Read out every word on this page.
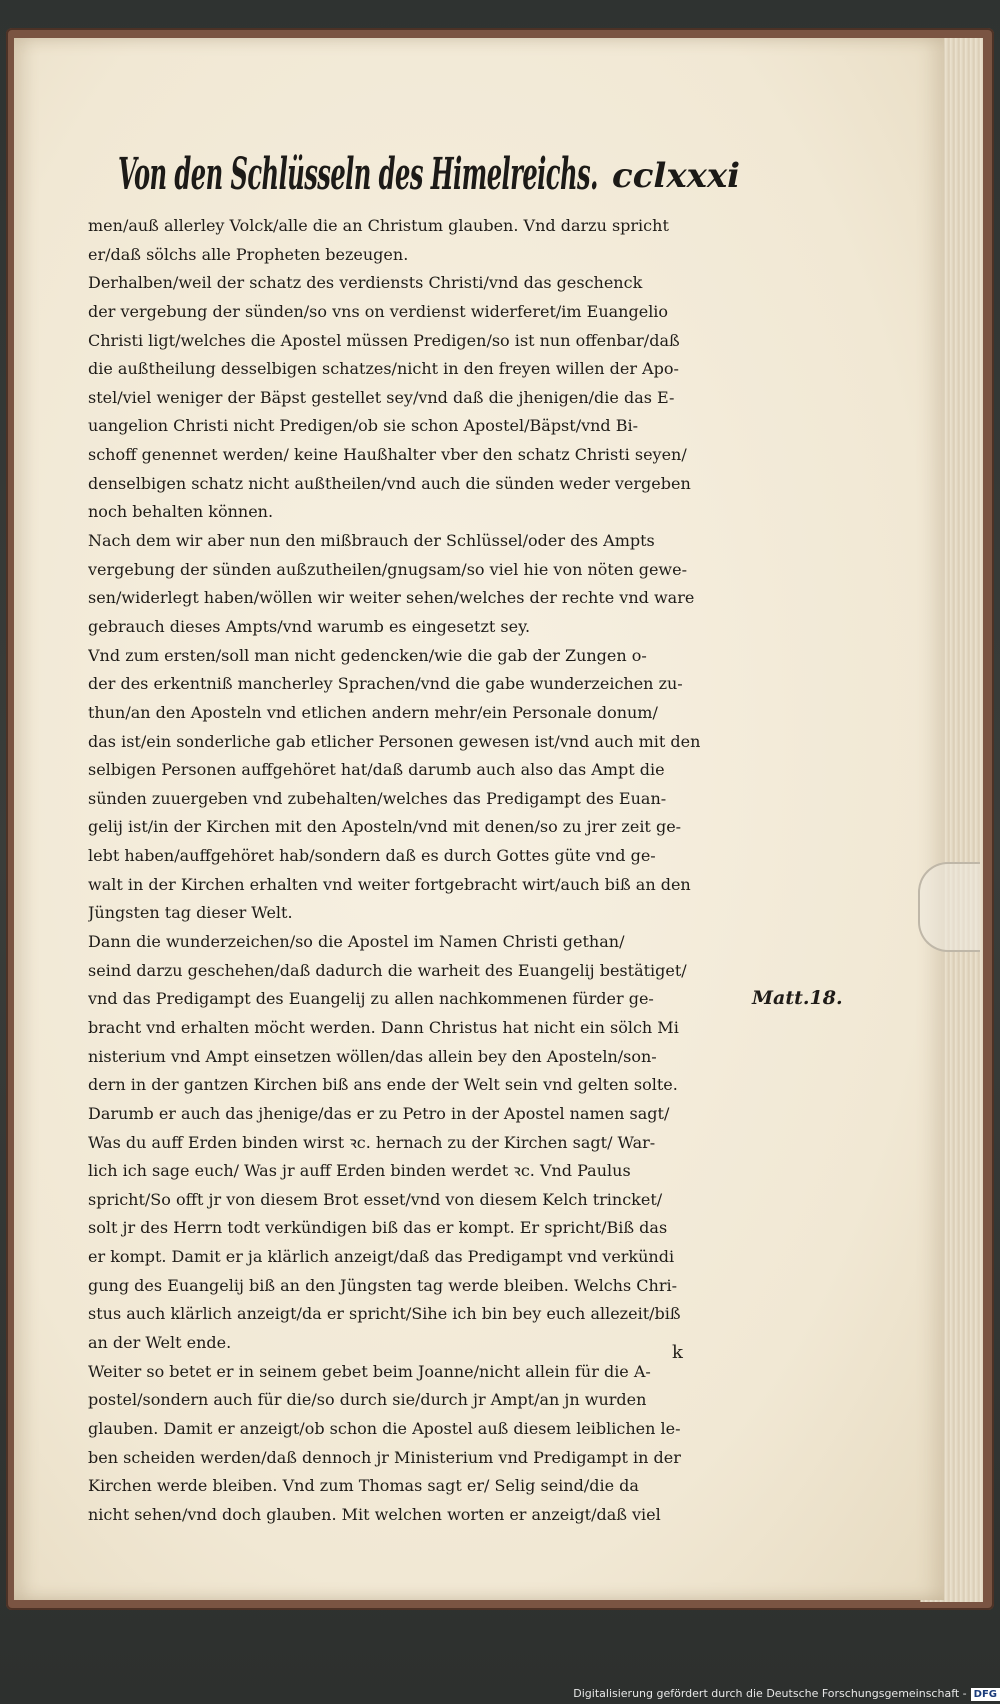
Von den Schlüsseln des Himelreichs. cclxxxi
men/auß allerley Volck/alle die an Christum glauben. Vnd darzu spricht
er/daß sölchs alle Propheten bezeugen.
Derhalben/weil der schatz des verdiensts Christi/vnd das geschenck
der vergebung der sünden/so vns on verdienst widerferet/im Euangelio
Christi ligt/welches die Apostel müssen Predigen/so ist nun offenbar/daß
die außtheilung desselbigen schatzes/nicht in den freyen willen der Apo-
stel/viel weniger der Bäpst gestellet sey/vnd daß die jhenigen/die das E-
uangelion Christi nicht Predigen/ob sie schon Apostel/Bäpst/vnd Bi-
schoff genennet werden/ keine Haußhalter vber den schatz Christi seyen/
denselbigen schatz nicht außtheilen/vnd auch die sünden weder vergeben
noch behalten können.
Nach dem wir aber nun den mißbrauch der Schlüssel/oder des Ampts
vergebung der sünden außzutheilen/gnugsam/so viel hie von nöten gewe-
sen/widerlegt haben/wöllen wir weiter sehen/welches der rechte vnd ware
gebrauch dieses Ampts/vnd warumb es eingesetzt sey.
Vnd zum ersten/soll man nicht gedencken/wie die gab der Zungen o-
der des erkentniß mancherley Sprachen/vnd die gabe wunderzeichen zu-
thun/an den Aposteln vnd etlichen andern mehr/ein Personale donum/
das ist/ein sonderliche gab etlicher Personen gewesen ist/vnd auch mit den
selbigen Personen auffgehöret hat/daß darumb auch also das Ampt die
sünden zuuergeben vnd zubehalten/welches das Predigampt des Euan-
gelij ist/in der Kirchen mit den Aposteln/vnd mit denen/so zu jrer zeit ge-
lebt haben/auffgehöret hab/sondern daß es durch Gottes güte vnd ge-
walt in der Kirchen erhalten vnd weiter fortgebracht wirt/auch biß an den
Jüngsten tag dieser Welt.
Dann die wunderzeichen/so die Apostel im Namen Christi gethan/
seind darzu geschehen/daß dadurch die warheit des Euangelij bestätiget/
vnd das Predigampt des Euangelij zu allen nachkommenen fürder ge-
bracht vnd erhalten möcht werden. Dann Christus hat nicht ein sölch Mi
nisterium vnd Ampt einsetzen wöllen/das allein bey den Aposteln/son-
dern in der gantzen Kirchen biß ans ende der Welt sein vnd gelten solte.
Darumb er auch das jhenige/das er zu Petro in der Apostel namen sagt/
Was du auff Erden binden wirst ꝛc. hernach zu der Kirchen sagt/ War-
lich ich sage euch/ Was jr auff Erden binden werdet ꝛc. Vnd Paulus
spricht/So offt jr von diesem Brot esset/vnd von diesem Kelch trincket/
solt jr des Herrn todt verkündigen biß das er kompt. Er spricht/Biß das
er kompt. Damit er ja klärlich anzeigt/daß das Predigampt vnd verkündi
gung des Euangelij biß an den Jüngsten tag werde bleiben. Welchs Chri-
stus auch klärlich anzeigt/da er spricht/Sihe ich bin bey euch allezeit/biß
an der Welt ende.
Weiter so betet er in seinem gebet beim Joanne/nicht allein für die A-
postel/sondern auch für die/so durch sie/durch jr Ampt/an jn wurden
glauben. Damit er anzeigt/ob schon die Apostel auß diesem leiblichen le-
ben scheiden werden/daß dennoch jr Ministerium vnd Predigampt in der
Kirchen werde bleiben. Vnd zum Thomas sagt er/ Selig seind/die da
nicht sehen/vnd doch glauben. Mit welchen worten er anzeigt/daß viel
Matt.18.
k
Digitalisierung gefördert durch die Deutsche Forschungsgemeinschaft - DFG
